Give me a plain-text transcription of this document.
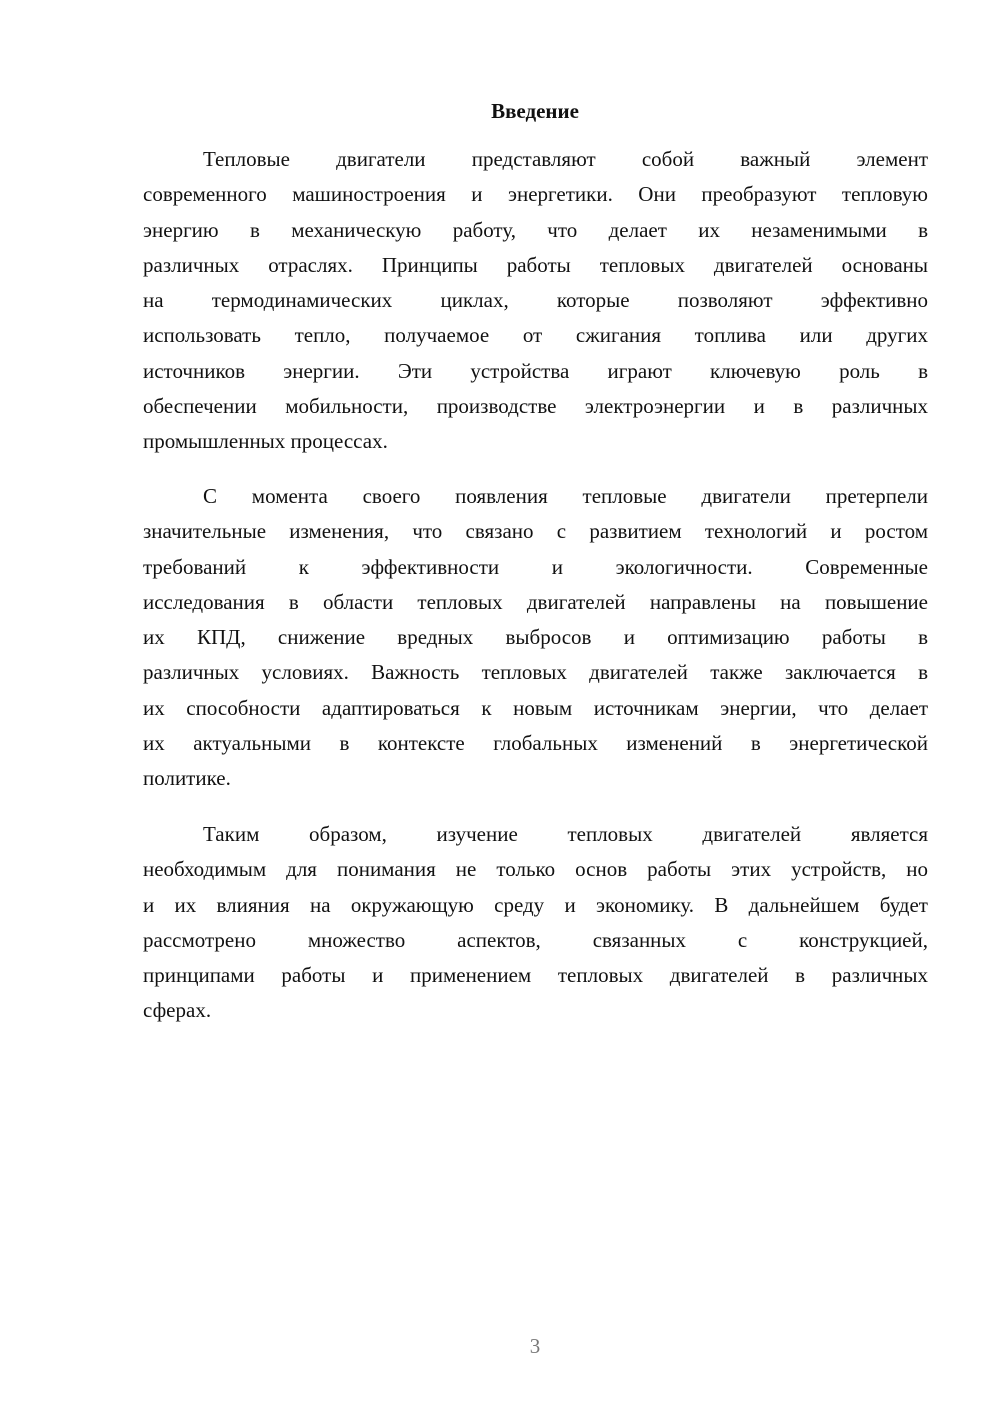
Введение
Тепловые двигатели представляют собой важный элемент
современного машиностроения и энергетики. Они преобразуют тепловую
энергию в механическую работу, что делает их незаменимыми в
различных отраслях. Принципы работы тепловых двигателей основаны
на термодинамических циклах, которые позволяют эффективно
использовать тепло, получаемое от сжигания топлива или других
источников энергии. Эти устройства играют ключевую роль в
обеспечении мобильности, производстве электроэнергии и в различных
промышленных процессах.
С момента своего появления тепловые двигатели претерпели
значительные изменения, что связано с развитием технологий и ростом
требований к эффективности и экологичности. Современные
исследования в области тепловых двигателей направлены на повышение
их КПД, снижение вредных выбросов и оптимизацию работы в
различных условиях. Важность тепловых двигателей также заключается в
их способности адаптироваться к новым источникам энергии, что делает
их актуальными в контексте глобальных изменений в энергетической
политике.
Таким образом, изучение тепловых двигателей является
необходимым для понимания не только основ работы этих устройств, но
и их влияния на окружающую среду и экономику. В дальнейшем будет
рассмотрено множество аспектов, связанных с конструкцией,
принципами работы и применением тепловых двигателей в различных
сферах.
3
